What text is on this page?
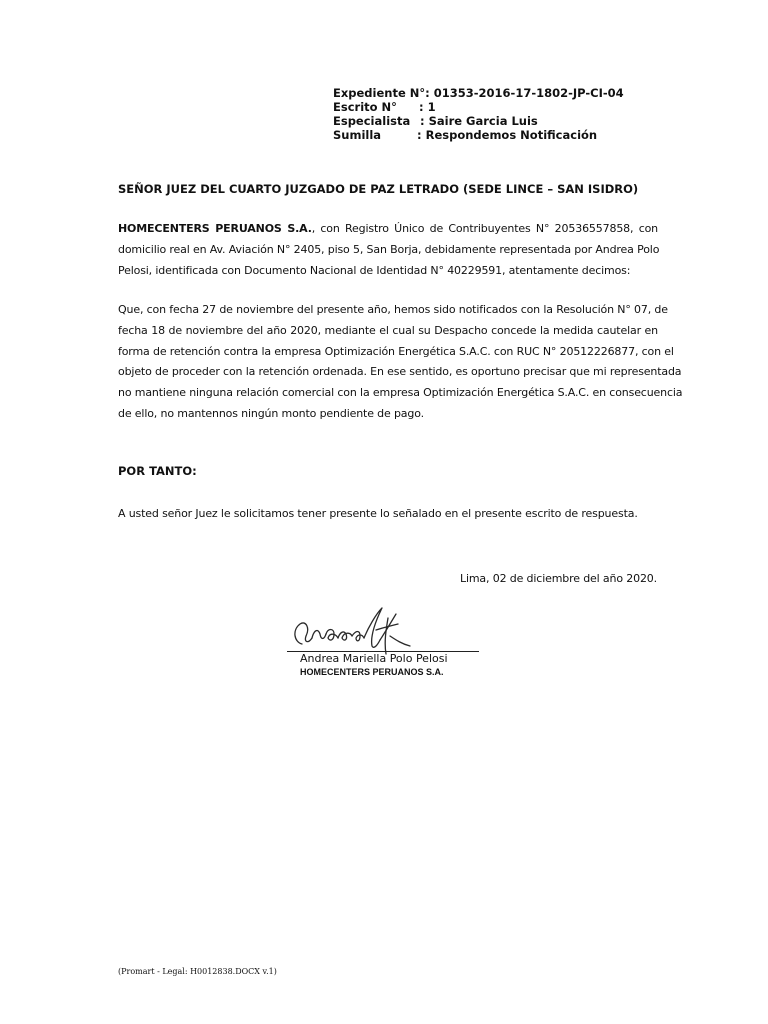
Expediente N°:
01353-2016-17-1802-JP-CI-04
Escrito N°	: 1
Especialista : Saire Garcia Luis
Sumilla	: Respondemos Notificación
SEÑOR JUEZ DEL CUARTO JUZGADO DE PAZ LETRADO (SEDE LINCE – SAN ISIDRO)
HOMECENTERS PERUANOS S.A., con Registro Único de Contribuyentes N° 20536557858, con
domicilio real en Av. Aviación N° 2405, piso 5, San Borja, debidamente representada por Andrea Polo
Pelosi, identificada con Documento Nacional de Identidad N° 40229591, atentamente decimos:
Que, con fecha 27 de noviembre del presente año, hemos sido notificados con la Resolución N° 07, de
fecha 18 de noviembre del año 2020, mediante el cual su Despacho concede la medida cautelar en
forma de retención contra la empresa Optimización Energética S.A.C. con RUC N° 20512226877, con el
objeto de proceder con la retención ordenada. En ese sentido, es oportuno precisar que mi representada
no mantiene ninguna relación comercial con la empresa Optimización Energética S.A.C. en consecuencia
de ello, no mantennos ningún monto pendiente de pago.
POR TANTO:
A usted señor Juez le solicitamos tener presente lo señalado en el presente escrito de respuesta.
Lima, 02 de diciembre del año 2020.
Andrea Mariella Polo Pelosi
HOMECENTERS PERUANOS S.A.
(Promart - Legal: H0012838.DOCX v.1)
